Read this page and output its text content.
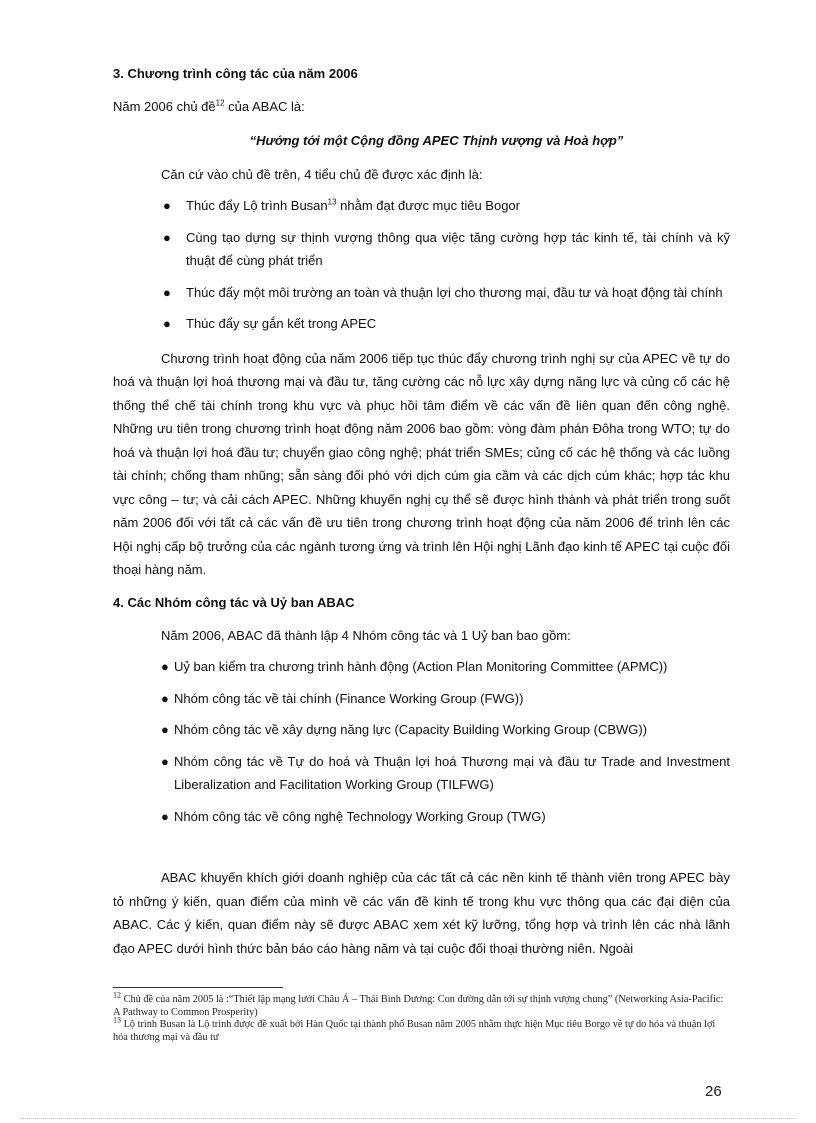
3. Chương trình công tác của năm 2006

Năm 2006 chủ đề$^{12}$ của ABAC là:

“Hướng tới một Cộng đồng APEC Thịnh vượng và Hoà hợp”

Căn cứ vào chủ đề trên, 4 tiểu chủ đề được xác định là:

● Thúc đẩy Lộ trình Busan$^{13}$ nhằm đạt được mục tiêu Bogor
● Cùng tạo dựng sự thịnh vượng thông qua việc tăng cường hợp tác kinh tế, tài chính và kỹ thuật để cùng phát triển
● Thúc đẩy một môi trường an toàn và thuận lợi cho thương mại, đầu tư và hoạt động tài chính
● Thúc đẩy sự gắn kết trong APEC

Chương trình hoạt động của năm 2006 tiếp tục thúc đẩy chương trình nghị sự của APEC về tự do hoá và thuận lợi hoá thương mại và đầu tư, tăng cường các nỗ lực xây dựng năng lực và củng cố các hệ thống thể chế tài chính trong khu vực và phục hồi tâm điểm về các vấn đề liên quan đến công nghệ. Những ưu tiên trong chương trình hoạt động năm 2006 bao gồm: vòng đàm phán Đôha trong WTO; tự do hoá và thuận lợi hoá đầu tư; chuyển giao công nghệ; phát triển SMEs; củng cố các hệ thống và các luồng tài chính; chống tham nhũng; sẵn sàng đối phó với dịch cúm gia cầm và các dịch cúm khác; hợp tác khu vực công – tư; và cải cách APEC. Những khuyến nghị cụ thể sẽ được hình thành và phát triển trong suốt năm 2006 đối với tất cả các vấn đề ưu tiên trong chương trình hoạt động của năm 2006 để trình lên các Hội nghị cấp bộ trưởng của các ngành tương ứng và trình lên Hội nghị Lãnh đạo kinh tế APEC tại cuộc đối thoại hàng năm.

4. Các Nhóm công tác và Uỷ ban ABAC

Năm 2006, ABAC đã thành lập 4 Nhóm công tác và 1 Uỷ ban bao gồm:

● Uỷ ban kiểm tra chương trình hành động (Action Plan Monitoring Committee (APMC))
● Nhóm công tác về tài chính (Finance Working Group (FWG))
● Nhóm công tác về xây dựng năng lực (Capacity Building Working Group (CBWG))
● Nhóm công tác về Tự do hoá và Thuận lợi hoá Thương mại và đầu tư Trade and Investment Liberalization and Facilitation Working Group (TILFWG)
● Nhóm công tác về công nghệ Technology Working Group (TWG)

ABAC khuyến khích giới doanh nghiệp của các tất cả các nền kinh tế thành viên trong APEC bày tỏ những ý kiến, quan điểm của mình về các vấn đề kinh tế trong khu vực thông qua các đại diện của ABAC. Các ý kiến, quan điểm này sẽ được ABAC xem xét kỹ lưỡng, tổng hợp và trình lên các nhà lãnh đạo APEC dưới hình thức bản báo cáo hàng năm và tại cuộc đối thoại thường niên. Ngoài

$^{12}$ Chủ đề của năm 2005 là :“Thiết lập mạng lưới Châu Á – Thái Bình Dương: Con đường dẫn tới sự thịnh vượng chung” (Networking Asia-Pacific: A Pathway to Common Prosperity)

$^{13}$ Lộ trình Busan là Lộ trình được đề xuất bởi Hàn Quốc tại thành phố Busan năm 2005 nhằm thực hiện Mục tiêu Borgo về tự do hóa và thuận lợi hóa thương mại và đầu tư

26
